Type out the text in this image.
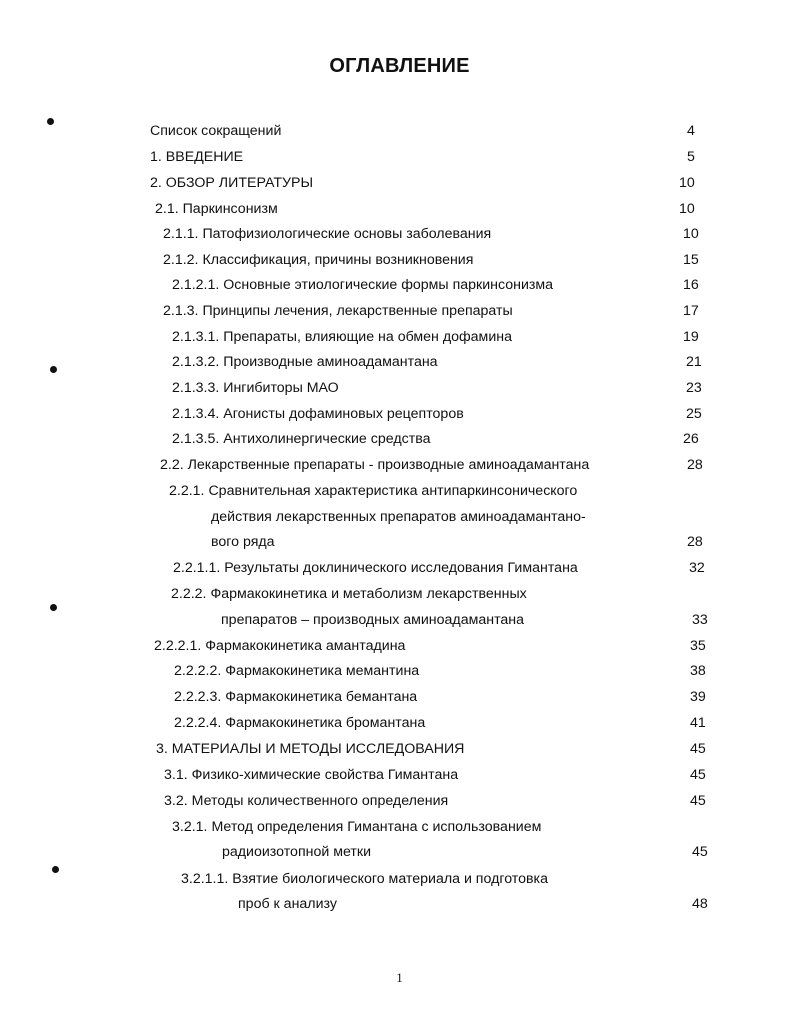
ОГЛАВЛЕНИЕ
Список сокращений	4
1. ВВЕДЕНИЕ	5
2. ОБЗОР ЛИТЕРАТУРЫ	10
2.1. Паркинсонизм	10
2.1.1. Патофизиологические основы заболевания	10
2.1.2. Классификация, причины возникновения	15
2.1.2.1. Основные этиологические формы паркинсонизма	16
2.1.3. Принципы лечения, лекарственные препараты	17
2.1.3.1. Препараты, влияющие на обмен дофамина	19
2.1.3.2. Производные аминоадамантана	21
2.1.3.3. Ингибиторы МАО	23
2.1.3.4. Агонисты дофаминовых рецепторов	25
2.1.3.5. Антихолинергические средства	26
2.2. Лекарственные препараты - производные аминоадамантана	28
2.2.1. Сравнительная характеристика антипаркинсонического
действия лекарственных препаратов аминоадамантано-
вого ряда	28
2.2.1.1. Результаты доклинического исследования Гимантана	32
2.2.2. Фармакокинетика и метаболизм лекарственных
препаратов – производных аминоадамантана	33
2.2.2.1. Фармакокинетика амантадина	35
2.2.2.2. Фармакокинетика мемантина	38
2.2.2.3. Фармакокинетика бемантана	39
2.2.2.4. Фармакокинетика бромантана	41
3. МАТЕРИАЛЫ И МЕТОДЫ ИССЛЕДОВАНИЯ	45
3.1. Физико-химические свойства Гимантана	45
3.2. Методы количественного определения	45
3.2.1. Метод определения Гимантана с использованием
радиоизотопной метки	45
3.2.1.1. Взятие биологического материала и подготовка
проб к анализу	48
1
